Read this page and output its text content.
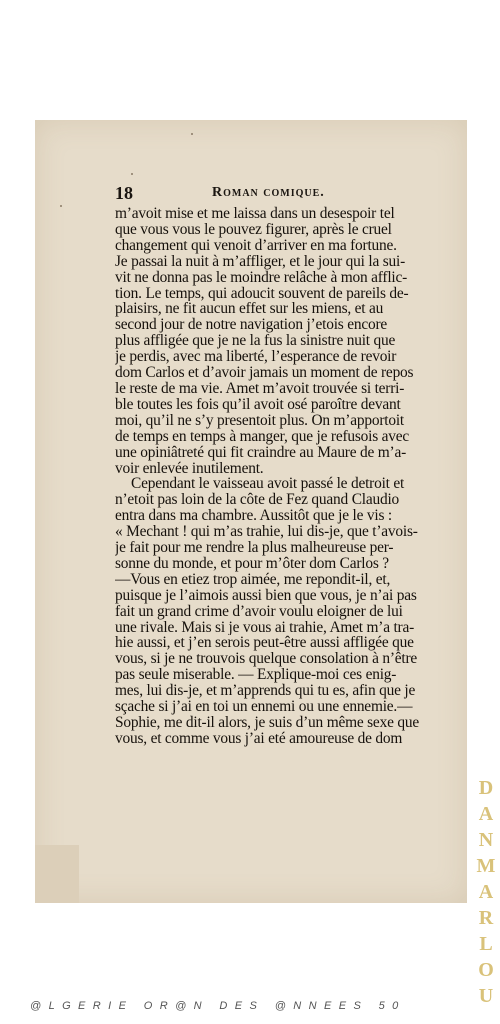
18	Roman comique.
m’avoit mise et me laissa dans un desespoir tel
que vous vous le pouvez figurer, après le cruel
changement qui venoit d’arriver en ma fortune.
Je passai la nuit à m’affliger, et le jour qui la sui-
vit ne donna pas le moindre relâche à mon afflic-
tion. Le temps, qui adoucit souvent de pareils de-
plaisirs, ne fit aucun effet sur les miens, et au
second jour de notre navigation j’etois encore
plus affligée que je ne la fus la sinistre nuit que
je perdis, avec ma liberté, l’esperance de revoir
dom Carlos et d’avoir jamais un moment de repos
le reste de ma vie. Amet m’avoit trouvée si terri-
ble toutes les fois qu’il avoit osé paroître devant
moi, qu’il ne s’y presentoit plus. On m’apportoit
de temps en temps à manger, que je refusois avec
une opiniâtreté qui fit craindre au Maure de m’a-
voir enlevée inutilement.
Cependant le vaisseau avoit passé le detroit et
n’etoit pas loin de la côte de Fez quand Claudio
entra dans ma chambre. Aussitôt que je le vis :
« Mechant ! qui m’as trahie, lui dis-je, que t’avois-
je fait pour me rendre la plus malheureuse per-
sonne du monde, et pour m’ôter dom Carlos ?
—Vous en etiez trop aimée, me repondit-il, et,
puisque je l’aimois aussi bien que vous, je n’ai pas
fait un grand crime d’avoir voulu eloigner de lui
une rivale. Mais si je vous ai trahie, Amet m’a tra-
hie aussi, et j’en serois peut-être aussi affligée que
vous, si je ne trouvois quelque consolation à n’être
pas seule miserable. — Explique-moi ces enig-
mes, lui dis-je, et m’apprends qui tu es, afin que je
sçache si j’ai en toi un ennemi ou une ennemie.—
Sophie, me dit-il alors, je suis d’un même sexe que
vous, et comme vous j’ai eté amoureuse de dom
D
A
N
M
A
R
L
O
U
@LGERIE OR@N DES @NNEES 50
